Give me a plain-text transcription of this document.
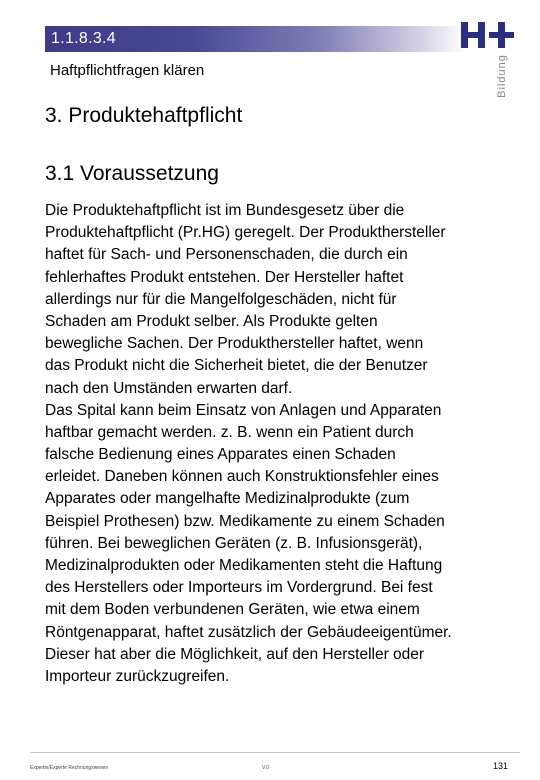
1.1.8.3.4
Haftpflichtfragen klären	Bildung
3. Produktehaftpflicht
3.1 Voraussetzung
Die Produktehaftpflicht ist im Bundesgesetz über die
Produktehaftpflicht (Pr.HG) geregelt. Der Produkthersteller
haftet für Sach- und Personenschaden, die durch ein
fehlerhaftes Produkt entstehen. Der Hersteller haftet
allerdings nur für die Mangelfolgeschäden, nicht für
Schaden am Produkt selber. Als Produkte gelten
bewegliche Sachen. Der Produkthersteller haftet, wenn
das Produkt nicht die Sicherheit bietet, die der Benutzer
nach den Umständen erwarten darf.
Das Spital kann beim Einsatz von Anlagen und Apparaten
haftbar gemacht werden. z. B. wenn ein Patient durch
falsche Bedienung eines Apparates einen Schaden
erleidet. Daneben können auch Konstruktionsfehler eines
Apparates oder mangelhafte Medizinalprodukte (zum
Beispiel Prothesen) bzw. Medikamente zu einem Schaden
führen. Bei beweglichen Geräten (z. B. Infusionsgerät),
Medizinalprodukten oder Medikamenten steht die Haftung
des Herstellers oder Importeurs im Vordergrund. Bei fest
mit dem Boden verbundenen Geräten, wie etwa einem
Röntgenapparat, haftet zusätzlich der Gebäudeeigentümer.
Dieser hat aber die Möglichkeit, auf den Hersteller oder
Importeur zurückzugreifen.
Expertin/Experte Rechnungswesen	V.0	131
